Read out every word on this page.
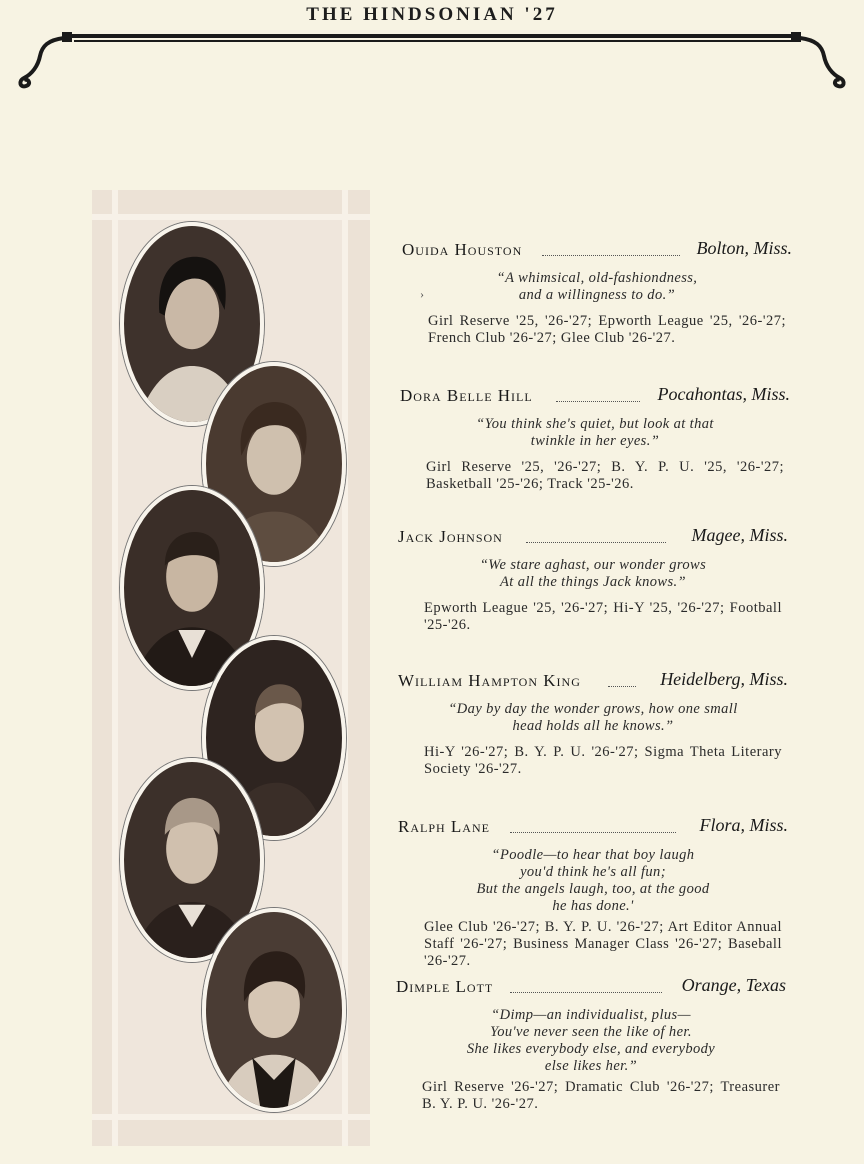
THE HINDSONIAN '27
›
Ouida Houston	Bolton, Miss.
“A whimsical, old-fashiondness,
and a willingness to do.”
Girl Reserve '25, '26-'27; Epworth League '25, '26-'27; French Club '26-'27; Glee Club '26-'27.
Dora Belle Hill	Pocahontas, Miss.
“You think she's quiet, but look at that
twinkle in her eyes.”
Girl Reserve '25, '26-'27; B. Y. P. U. '25, '26-'27; Basketball '25-'26; Track '25-'26.
Jack Johnson	Magee, Miss.
“We stare aghast, our wonder grows
At all the things Jack knows.”
Epworth League '25, '26-'27; Hi-Y '25, '26-'27; Football '25-'26.
William Hampton King	Heidelberg, Miss.
“Day by day the wonder grows, how one small
head holds all he knows.”
Hi-Y '26-'27; B. Y. P. U. '26-'27; Sigma Theta Literary Society '26-'27.
Ralph Lane	Flora, Miss.
“Poodle—to hear that boy laugh
you'd think he's all fun;
But the angels laugh, too, at the good
he has done.'
Glee Club '26-'27; B. Y. P. U. '26-'27; Art Editor Annual Staff '26-'27; Business Manager Class '26-'27; Baseball '26-'27.
Dimple Lott	Orange, Texas
“Dimp—an individualist, plus—
You've never seen the like of her.
She likes everybody else, and everybody
else likes her.”
Girl Reserve '26-'27; Dramatic Club '26-'27; Treasurer B. Y. P. U. '26-'27.
